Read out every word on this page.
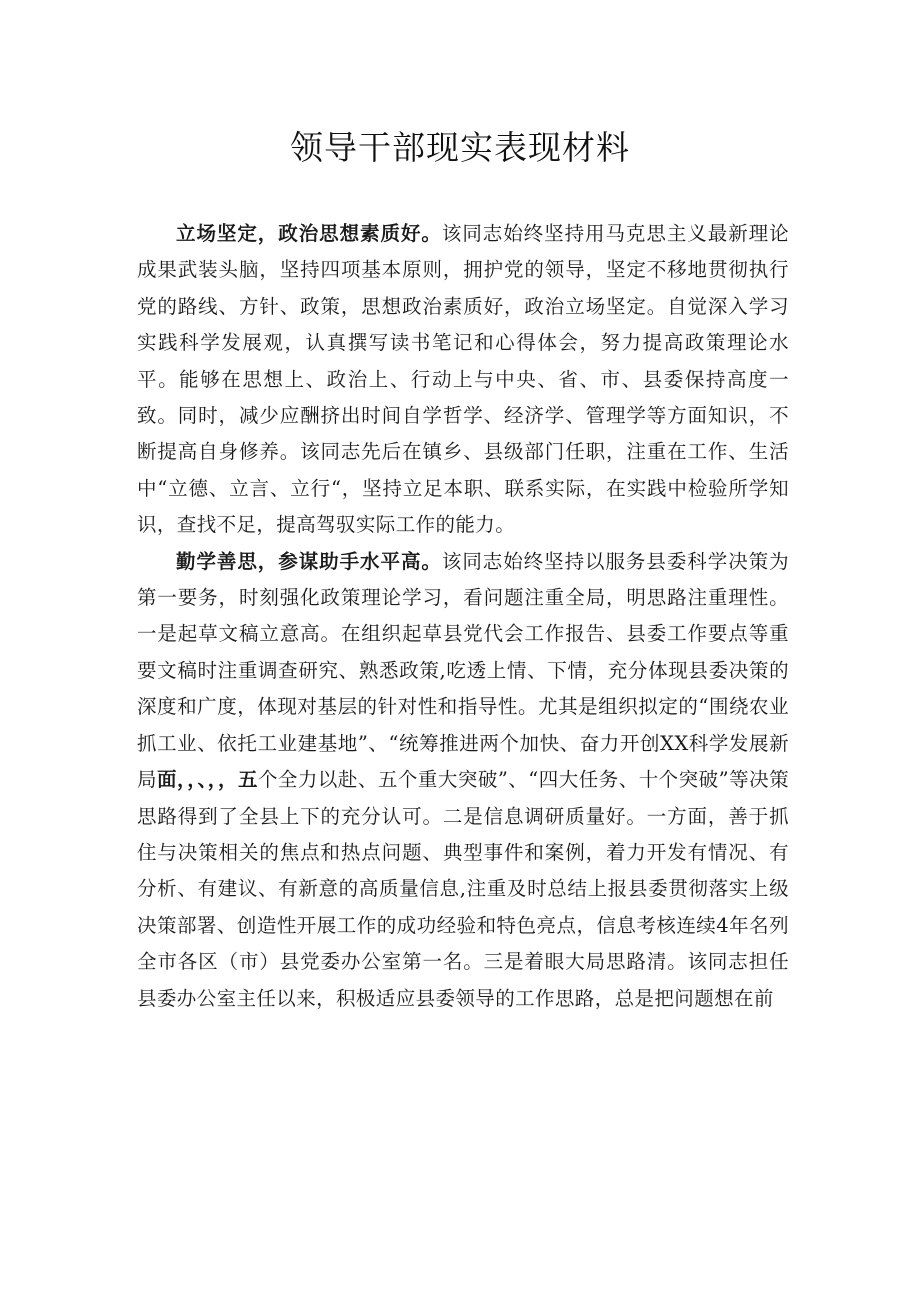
领导干部现实表现材料

立场坚定，政治思想素质好。该同志始终坚持用马克思主义最新理论成果武装头脑，坚持四项基本原则，拥护党的领导，坚定不移地贯彻执行党的路线、方针、政策，思想政治素质好，政治立场坚定。自觉深入学习实践科学发展观，认真撰写读书笔记和心得体会，努力提高政策理论水平。能够在思想上、政治上、行动上与中央、省、市、县委保持高度一致。同时，减少应酬挤出时间自学哲学、经济学、管理学等方面知识，不断提高自身修养。该同志先后在镇乡、县级部门任职，注重在工作、生活中“立德、立言、立行“，坚持立足本职、联系实际，在实践中检验所学知识，查找不足，提高驾驭实际工作的能力。

勤学善思，参谋助手水平高。该同志始终坚持以服务县委科学决策为第一要务，时刻强化政策理论学习，看问题注重全局，明思路注重理性。一是起草文稿立意高。在组织起草县党代会工作报告、县委工作要点等重要文稿时注重调查研究、熟悉政策,吃透上情、下情，充分体现县委决策的深度和广度，体现对基层的针对性和指导性。尤其是组织拟定的“围绕农业抓工业、依托工业建基地”、“统筹推进两个加快、奋力开创XX科学发展新局面，，、，，五个全力以赴、五个重大突破”、“四大任务、十个突破”等决策思路得到了全县上下的充分认可。二是信息调研质量好。一方面，善于抓住与决策相关的焦点和热点问题、典型事件和案例，着力开发有情况、有分析、有建议、有新意的高质量信息,注重及时总结上报县委贯彻落实上级决策部署、创造性开展工作的成功经验和特色亮点，信息考核连续4年名列全市各区（市）县党委办公室第一名。三是着眼大局思路清。该同志担任县委办公室主任以来，积极适应县委领导的工作思路，总是把问题想在前
